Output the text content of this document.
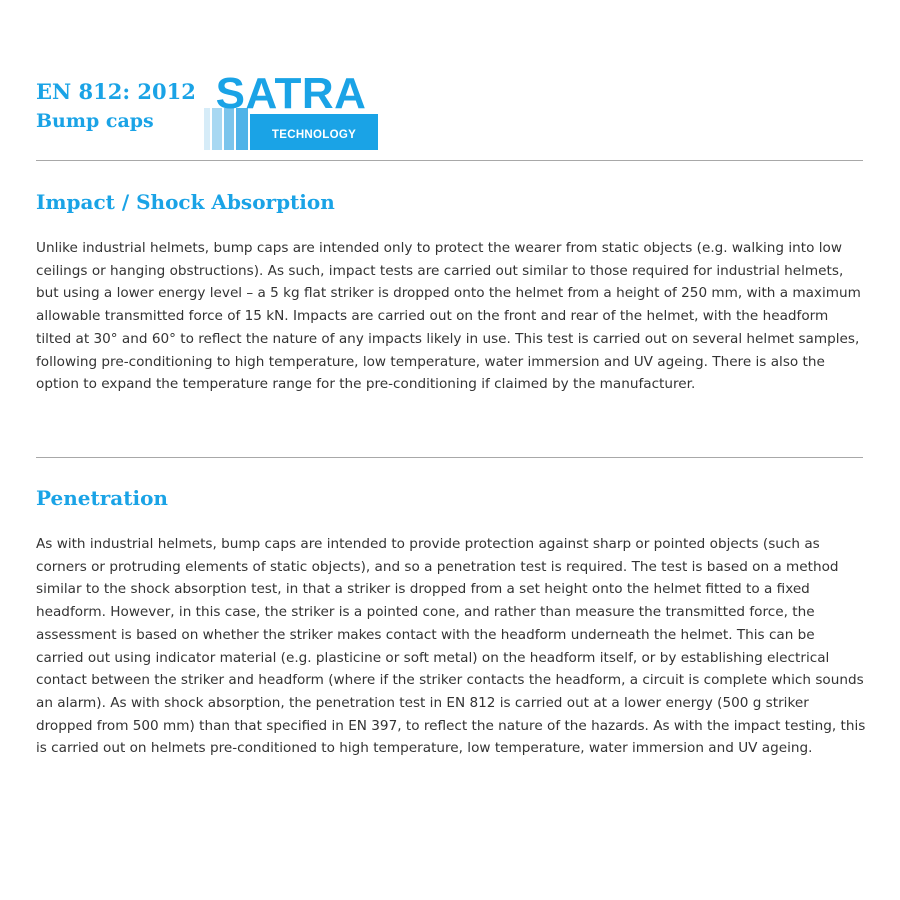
EN 812: 2012
Bump caps
TECHNOLOGY
SATRA
Impact / Shock Absorption

Unlike industrial helmets, bump caps are intended only to protect the wearer from static objects (e.g. walking into low ceilings or hanging obstructions). As such, impact tests are carried out similar to those required for industrial helmets, but using a lower energy level – a 5 kg flat striker is dropped onto the helmet from a height of 250 mm, with a maximum allowable transmitted force of 15 kN. Impacts are carried out on the front and rear of the helmet, with the headform tilted at 30° and 60° to reflect the nature of any impacts likely in use. This test is carried out on several helmet samples, following pre-conditioning to high temperature, low temperature, water immersion and UV ageing. There is also the option to expand the temperature range for the pre-conditioning if claimed by the manufacturer.

Penetration

As with industrial helmets, bump caps are intended to provide protection against sharp or pointed objects (such as corners or protruding elements of static objects), and so a penetration test is required. The test is based on a method similar to the shock absorption test, in that a striker is dropped from a set height onto the helmet fitted to a fixed headform. However, in this case, the striker is a pointed cone, and rather than measure the transmitted force, the assessment is based on whether the striker makes contact with the headform underneath the helmet. This can be carried out using indicator material (e.g. plasticine or soft metal) on the headform itself, or by establishing electrical contact between the striker and headform (where if the striker contacts the headform, a circuit is complete which sounds an alarm). As with shock absorption, the penetration test in EN 812 is carried out at a lower energy (500 g striker dropped from 500 mm) than that specified in EN 397, to reflect the nature of the hazards. As with the impact testing, this is carried out on helmets pre-conditioned to high temperature, low temperature, water immersion and UV ageing.
